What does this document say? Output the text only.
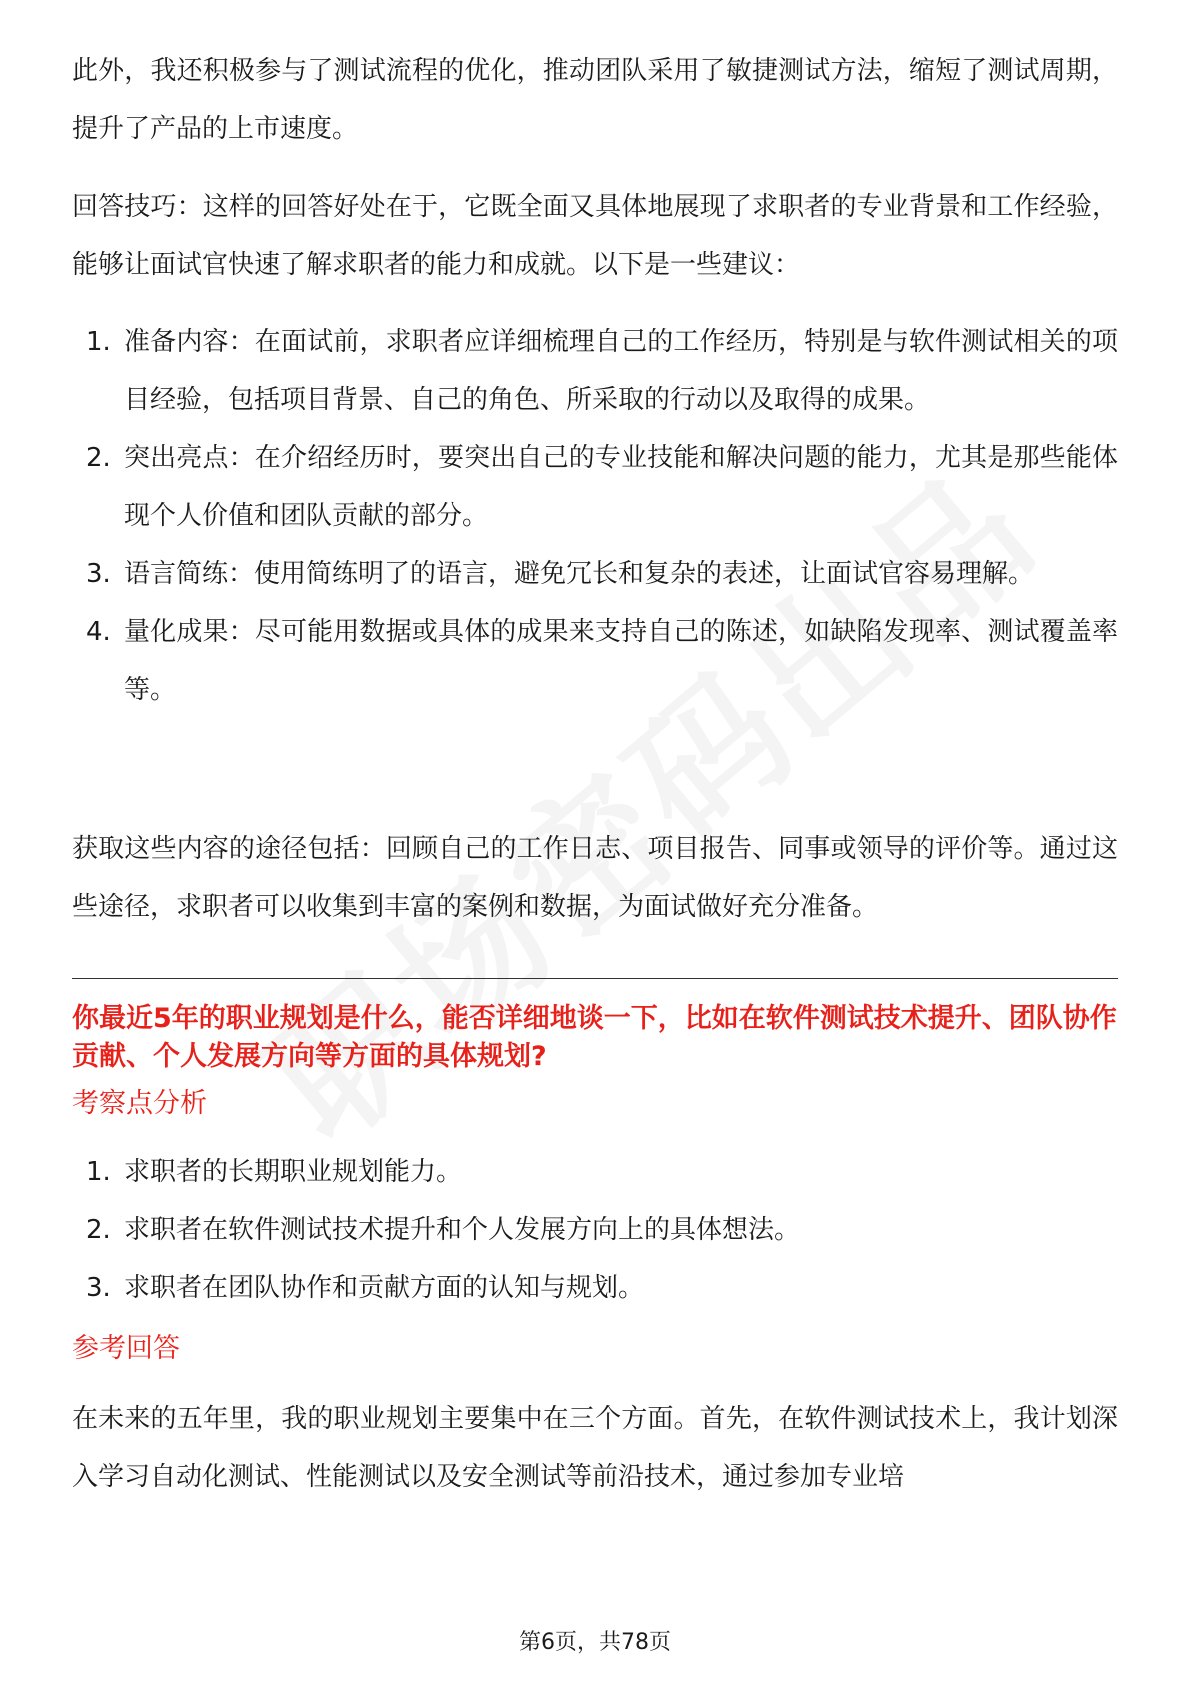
此外，我还积极参与了测试流程的优化，推动团队采用了敏捷测试方法，缩短了测试周期，提升了产品的上市速度。

回答技巧：这样的回答好处在于，它既全面又具体地展现了求职者的专业背景和工作经验，能够让面试官快速了解求职者的能力和成就。以下是一些建议：

1. 准备内容：在面试前，求职者应详细梳理自己的工作经历，特别是与软件测试相关的项目经验，包括项目背景、自己的角色、所采取的行动以及取得的成果。
2. 突出亮点：在介绍经历时，要突出自己的专业技能和解决问题的能力，尤其是那些能体现个人价值和团队贡献的部分。
3. 语言简练：使用简练明了的语言，避免冗长和复杂的表述，让面试官容易理解。
4. 量化成果：尽可能用数据或具体的成果来支持自己的陈述，如缺陷发现率、测试覆盖率等。

获取这些内容的途径包括：回顾自己的工作日志、项目报告、同事或领导的评价等。通过这些途径，求职者可以收集到丰富的案例和数据，为面试做好充分准备。

你最近5年的职业规划是什么，能否详细地谈一下，比如在软件测试技术提升、团队协作贡献、个人发展方向等方面的具体规划?
考察点分析
1. 求职者的长期职业规划能力。
2. 求职者在软件测试技术提升和个人发展方向上的具体想法。
3. 求职者在团队协作和贡献方面的认知与规划。
参考回答

在未来的五年里，我的职业规划主要集中在三个方面。首先，在软件测试技术上，我计划深入学习自动化测试、性能测试以及安全测试等前沿技术，通过参加专业培

第6页，共78页
